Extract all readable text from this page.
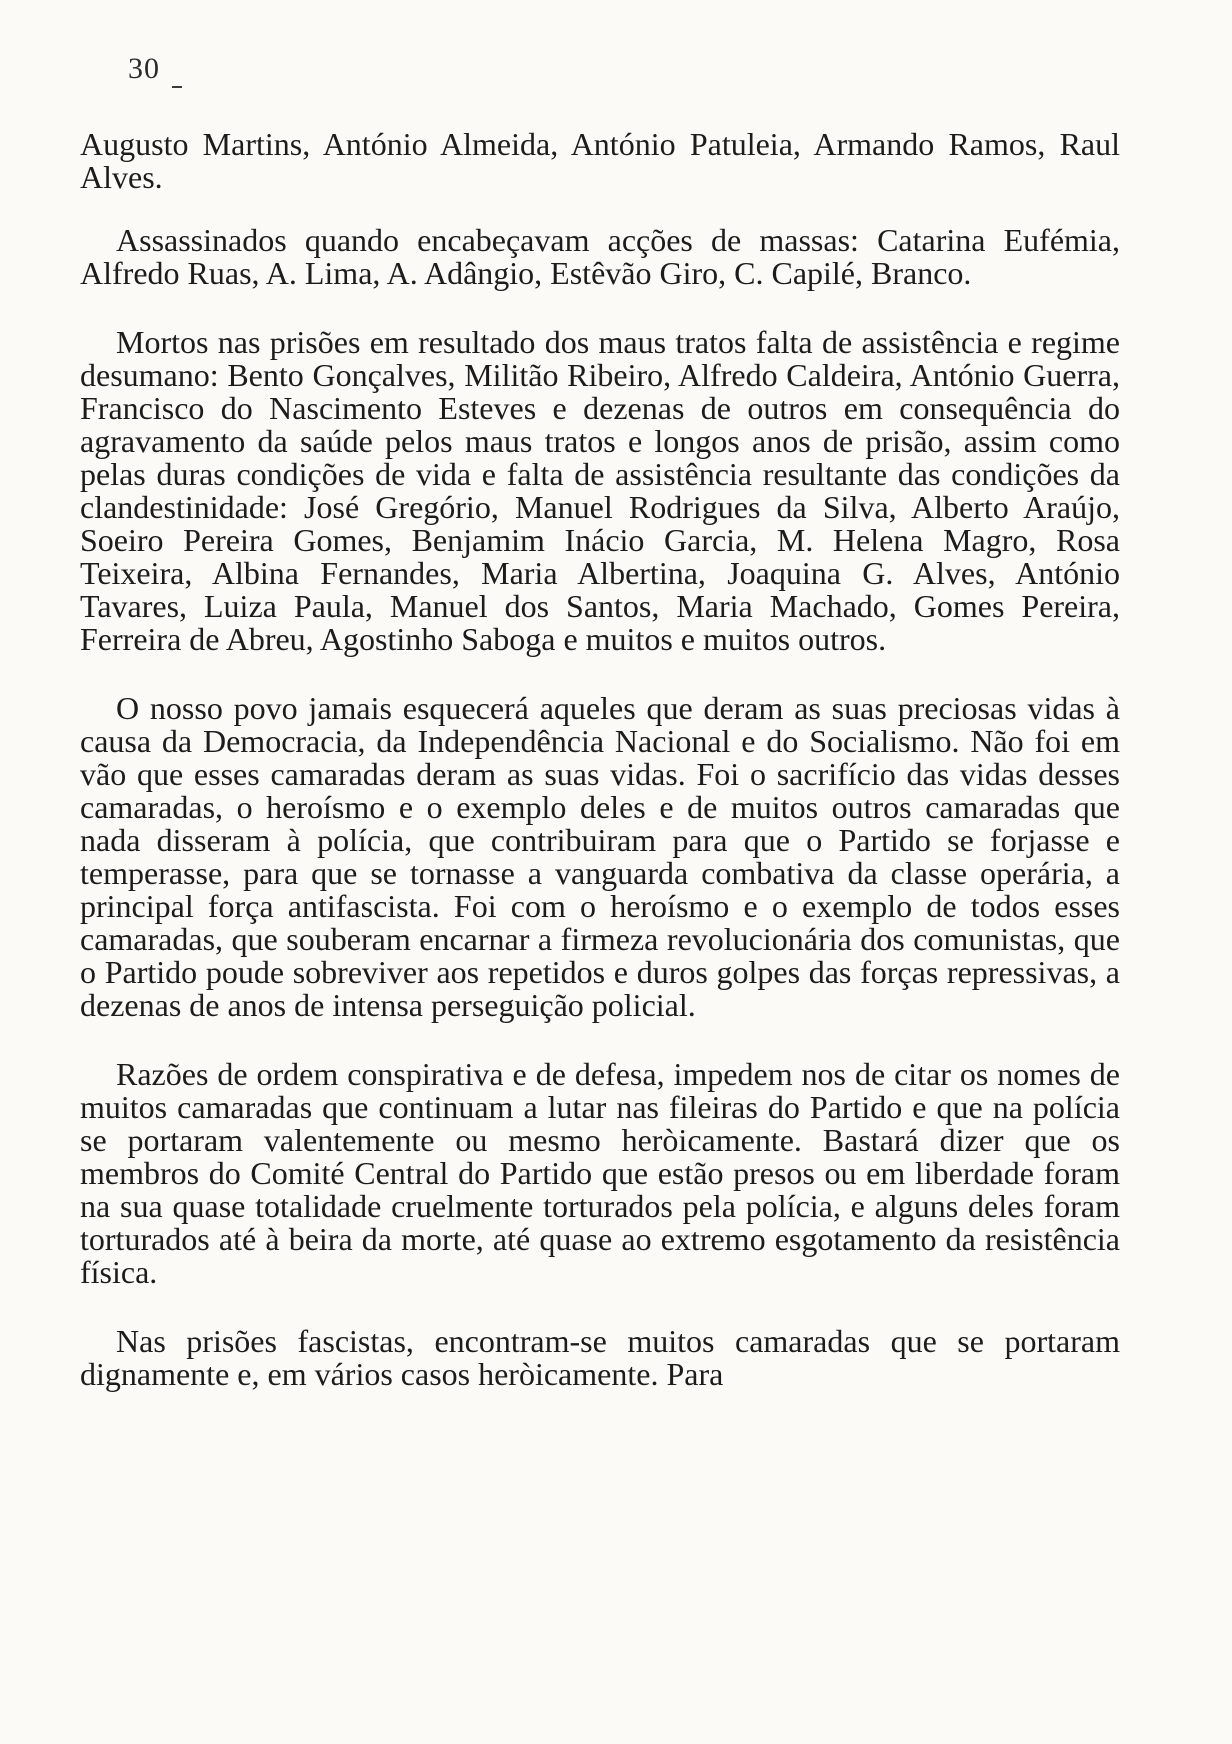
30

Augusto Martins, António Almeida, António Patuleia, Armando Ramos, Raul Alves.

Assassinados quando encabeçavam acções de massas: Catarina Eufémia, Alfredo Ruas, A. Lima, A. Adângio, Estêvão Giro, C. Capilé, Branco.

Mortos nas prisões em resultado dos maus tratos falta de assistência e regime desumano: Bento Gonçalves, Militão Ribeiro, Alfredo Caldeira, António Guerra, Francisco do Nascimento Esteves e dezenas de outros em consequência do agravamento da saúde pelos maus tratos e longos anos de prisão, assim como pelas duras condições de vida e falta de assistência resultante das condições da clandestinidade: José Gregório, Manuel Rodrigues da Silva, Alberto Araújo, Soeiro Pereira Gomes, Benjamim Inácio Garcia, M. Helena Magro, Rosa Teixeira, Albina Fernandes, Maria Albertina, Joaquina G. Alves, António Tavares, Luiza Paula, Manuel dos Santos, Maria Machado, Gomes Pereira, Ferreira de Abreu, Agostinho Saboga e muitos e muitos outros.

O nosso povo jamais esquecerá aqueles que deram as suas preciosas vidas à causa da Democracia, da Independência Nacional e do Socialismo. Não foi em vão que esses camaradas deram as suas vidas. Foi o sacrifício das vidas desses camaradas, o heroísmo e o exemplo deles e de muitos outros camaradas que nada disseram à polícia, que contribuiram para que o Partido se forjasse e temperasse, para que se tornasse a vanguarda combativa da classe operária, a principal força antifascista. Foi com o heroísmo e o exemplo de todos esses camaradas, que souberam encarnar a firmeza revolucionária dos comunistas, que o Partido poude sobreviver aos repetidos e duros golpes das forças repressivas, a dezenas de anos de intensa perseguição policial.

Razões de ordem conspirativa e de defesa, impedem nos de citar os nomes de muitos camaradas que continuam a lutar nas fileiras do Partido e que na polícia se portaram valentemente ou mesmo heròicamente. Bastará dizer que os membros do Comité Central do Partido que estão presos ou em liberdade foram na sua quase totalidade cruelmente torturados pela polícia, e alguns deles foram torturados até à beira da morte, até quase ao extremo esgotamento da resistência física.

Nas prisões fascistas, encontram-se muitos camaradas que se portaram dignamente e, em vários casos heròicamente. Para
